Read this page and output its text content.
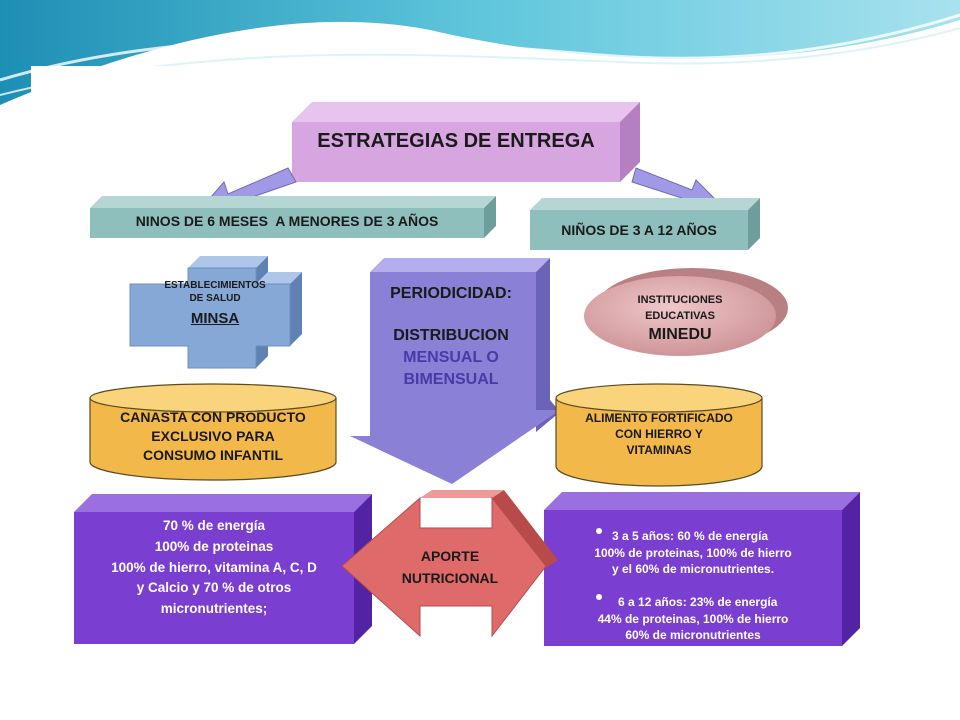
ESTRATEGIAS DE ENTREGA
NINOS DE 6 MESES  A MENORES DE 3 AÑOS
NIÑOS DE 3 A 12 AÑOS
ESTABLECIMIENTOS
DE SALUD
MINSA
PERIODICIDAD:
DISTRIBUCION
MENSUAL O
BIMENSUAL
INSTITUCIONES
EDUCATIVAS
MINEDU
CANASTA CON PRODUCTO
EXCLUSIVO PARA
CONSUMO INFANTIL
ALIMENTO FORTIFICADO
CON HIERRO Y
VITAMINAS
70 % de energía
100% de proteinas
100% de hierro, vitamina A, C, D
y Calcio y 70 % de otros
micronutrientes;
APORTE
NUTRICIONAL
3 a 5 años: 60 % de energía
100% de proteinas, 100% de hierro
y el 60% de micronutrientes.
6 a 12 años: 23% de energía
44% de proteinas, 100% de hierro
60% de micronutrientes
